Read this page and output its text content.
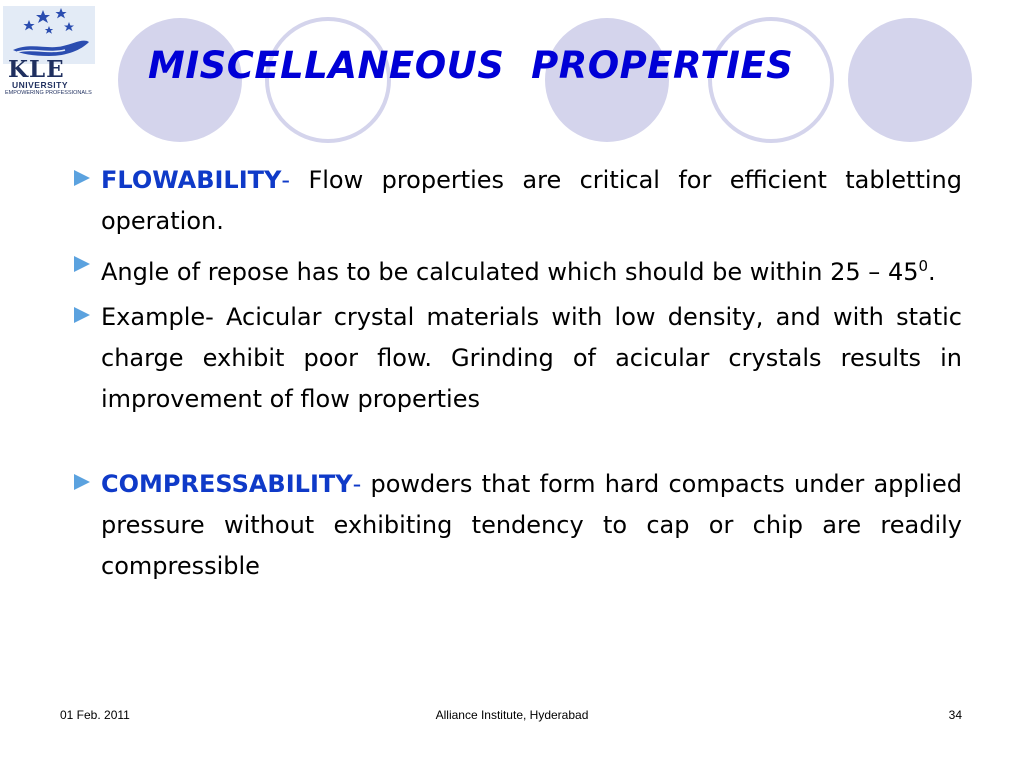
KLE
UNIVERSITY
EMPOWERING PROFESSIONALS
MISCELLANEOUS  PROPERTIES
FLOWABILITY- Flow properties are critical for efficient tabletting operation.
Angle of repose has to be calculated which should be within $25 - 45^0$.
Example- Acicular crystal materials with low density, and with static charge exhibit poor flow. Grinding of acicular crystals results in improvement of flow properties
COMPRESSABILITY- powders that form hard compacts under applied pressure without exhibiting tendency to cap or chip are readily compressible
01 Feb. 2011	Alliance Institute, Hyderabad	34
